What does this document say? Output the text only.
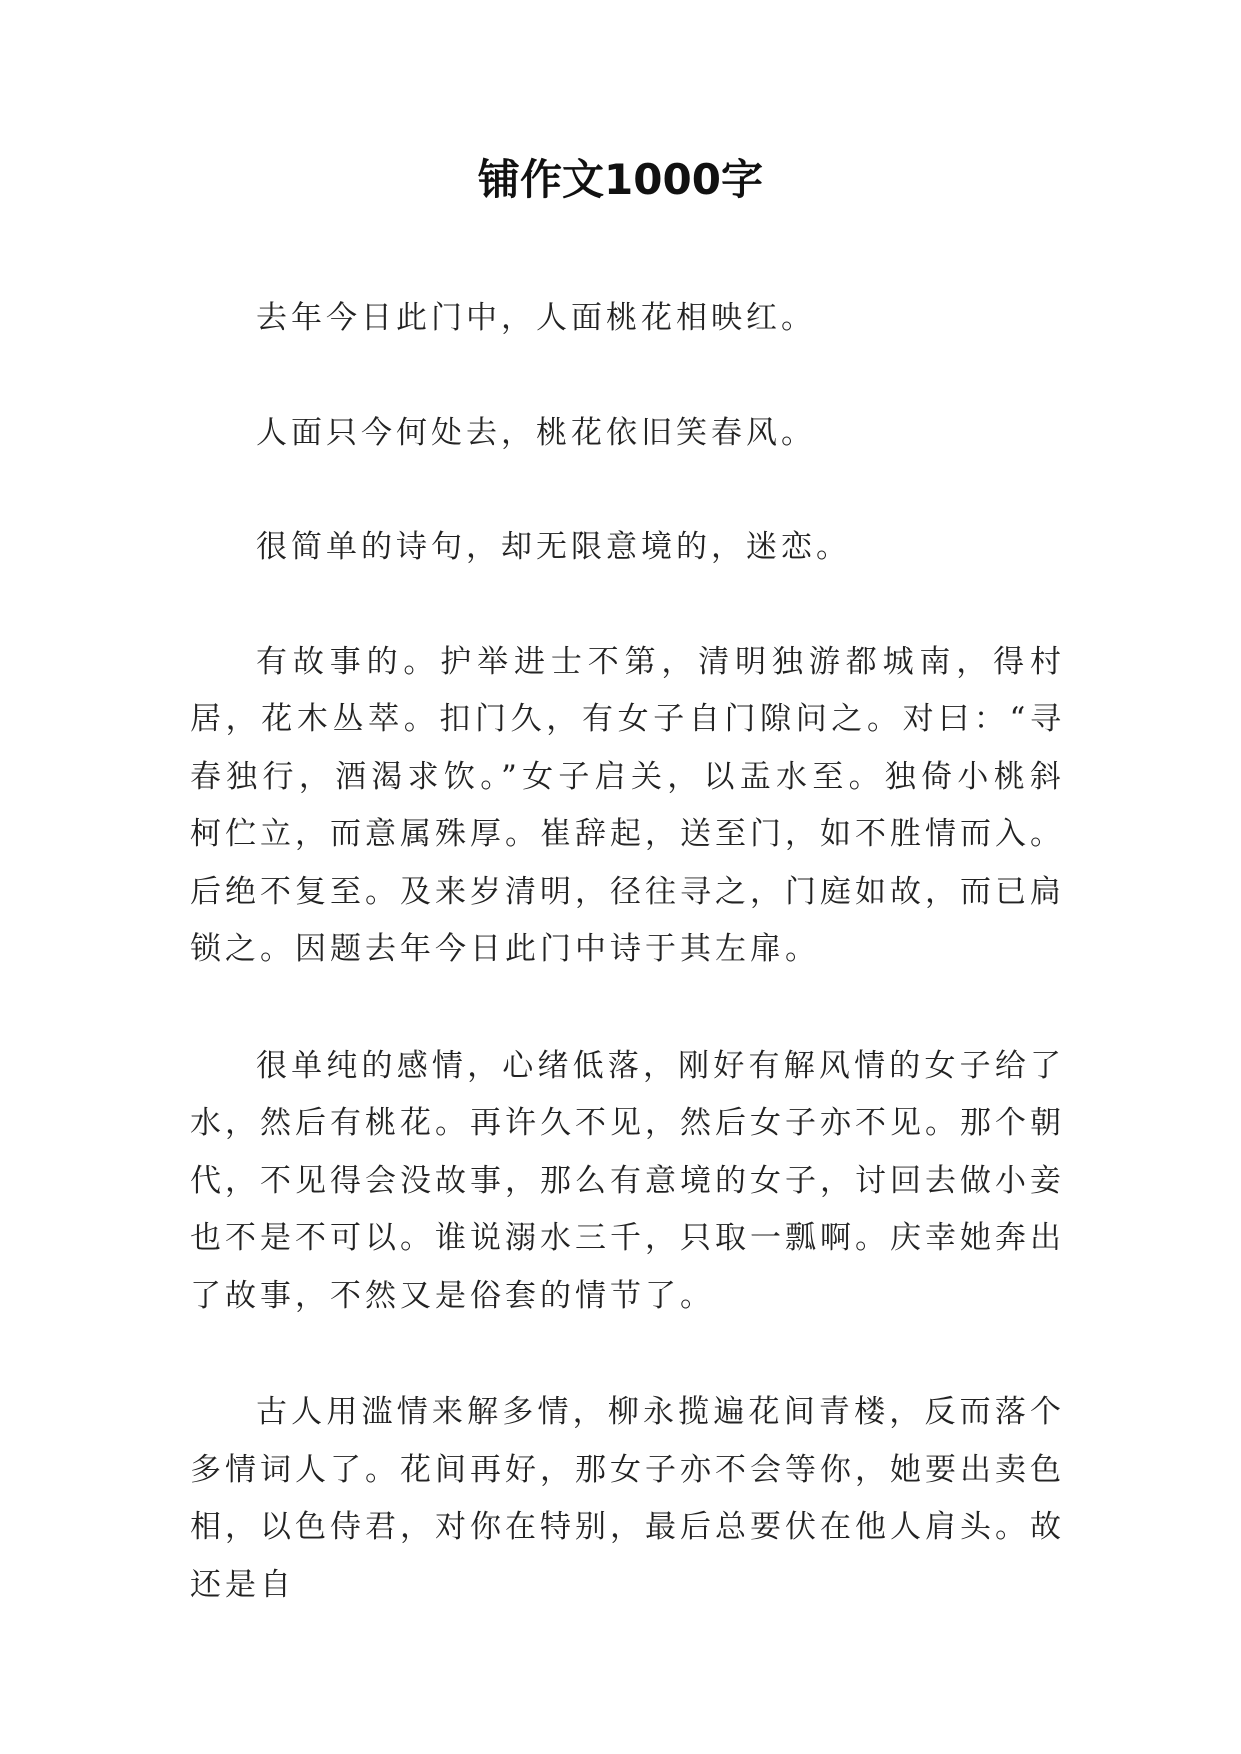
铺作文1000字

去年今日此门中，人面桃花相映红。

人面只今何处去，桃花依旧笑春风。

很简单的诗句，却无限意境的，迷恋。

有故事的。护举进士不第，清明独游都城南，得村居，花木丛萃。扣门久，有女子自门隙问之。对曰：“寻春独行，酒渴求饮。”女子启关，以盂水至。独倚小桃斜柯伫立，而意属殊厚。崔辞起，送至门，如不胜情而入。后绝不复至。及来岁清明，径往寻之，门庭如故，而已扃锁之。因题去年今日此门中诗于其左扉。

很单纯的感情，心绪低落，刚好有解风情的女子给了水，然后有桃花。再许久不见，然后女子亦不见。那个朝代，不见得会没故事，那么有意境的女子，讨回去做小妾也不是不可以。谁说溺水三千，只取一瓢啊。庆幸她奔出了故事，不然又是俗套的情节了。

古人用滥情来解多情，柳永揽遍花间青楼，反而落个多情词人了。花间再好，那女子亦不会等你，她要出卖色相，以色侍君，对你在特别，最后总要伏在他人肩头。故还是自
